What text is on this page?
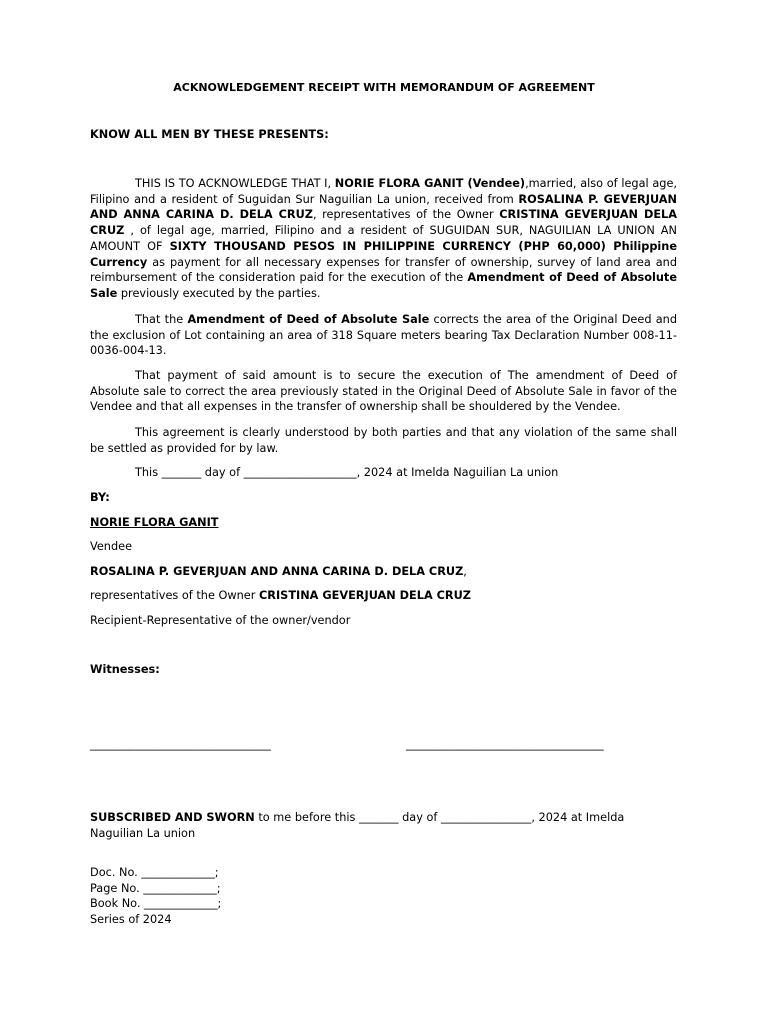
ACKNOWLEDGEMENT RECEIPT WITH MEMORANDUM OF AGREEMENT
KNOW ALL MEN BY THESE PRESENTS:
THIS IS TO ACKNOWLEDGE THAT I, NORIE FLORA GANIT (Vendee),married, also of legal age, Filipino and a resident of Suguidan Sur Naguilian La union, received from ROSALINA P. GEVERJUAN AND ANNA CARINA D. DELA CRUZ, representatives of the Owner CRISTINA GEVERJUAN DELA CRUZ , of legal age, married, Filipino and a resident of SUGUIDAN SUR, NAGUILIAN LA UNION AN AMOUNT OF SIXTY THOUSAND PESOS IN PHILIPPINE CURRENCY (PHP 60,000) Philippine Currency as payment for all necessary expenses for transfer of ownership, survey of land area and reimbursement of the consideration paid for the execution of the Amendment of Deed of Absolute Sale previously executed by the parties.
That the Amendment of Deed of Absolute Sale corrects the area of the Original Deed and the exclusion of Lot containing an area of 318 Square meters bearing Tax Declaration Number 008-11-0036-004-13.
That payment of said amount is to secure the execution of The amendment of Deed of Absolute sale to correct the area previously stated in the Original Deed of Absolute Sale in favor of the Vendee and that all expenses in the transfer of ownership shall be shouldered by the Vendee.
This agreement is clearly understood by both parties and that any violation of the same shall be settled as provided for by law.
This _______ day of ____________________, 2024 at Imelda Naguilian La union
BY:
NORIE FLORA GANIT
Vendee
ROSALINA P. GEVERJUAN AND ANNA CARINA D. DELA CRUZ,
representatives of the Owner CRISTINA GEVERJUAN DELA CRUZ
Recipient-Representative of the owner/vendor
Witnesses:
________________________________	___________________________________
SUBSCRIBED AND SWORN to me before this _______ day of ________________, 2024 at Imelda Naguilian La union
Doc. No. _____________;
Page No. _____________;
Book No. _____________;
Series of 2024
